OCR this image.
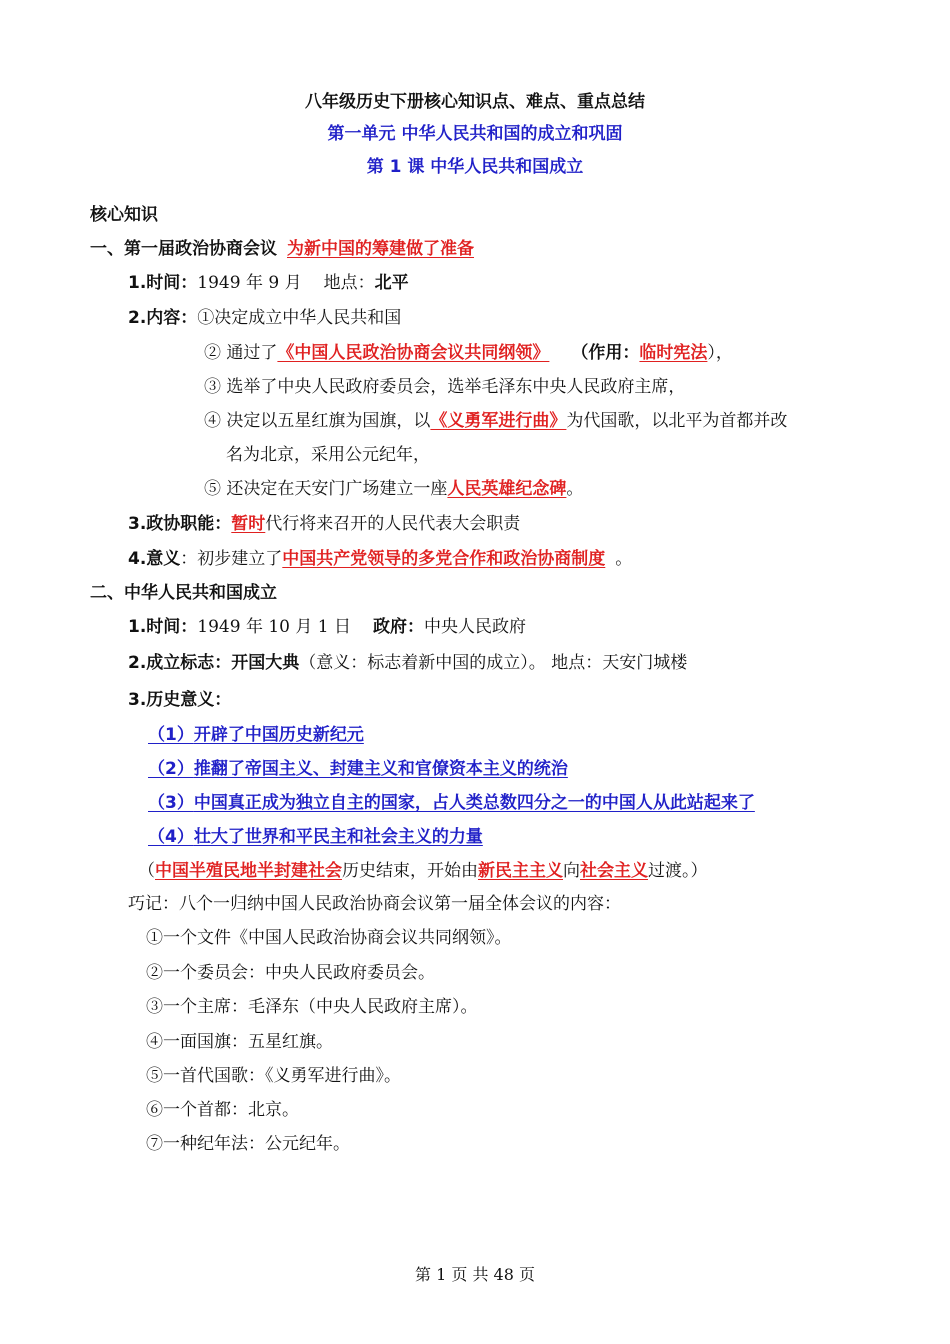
八年级历史下册核心知识点、难点、重点总结
第一单元 中华人民共和国的成立和巩固
第 1 课 中华人民共和国成立
核心知识
一、第一届政治协商会议 为新中国的筹建做了准备
1.时间：1949 年 9 月 地点：北平
2.内容：①决定成立中华人民共和国
② 通过了《中国人民政治协商会议共同纲领》 （作用：临时宪法），
③ 选举了中央人民政府委员会，选举毛泽东中央人民政府主席，
④ 决定以五星红旗为国旗，以《义勇军进行曲》为代国歌，以北平为首都并改
名为北京，采用公元纪年，
⑤ 还决定在天安门广场建立一座人民英雄纪念碑。
3.政协职能：暂时代行将来召开的人民代表大会职责
4.意义：初步建立了中国共产党领导的多党合作和政治协商制度 。
二、中华人民共和国成立
1.时间：1949 年 10 月 1 日 政府：中央人民政府
2.成立标志：开国大典（意义：标志着新中国的成立）。 地点：天安门城楼
3.历史意义：
（1）开辟了中国历史新纪元
（2）推翻了帝国主义、封建主义和官僚资本主义的统治
（3）中国真正成为独立自主的国家，占人类总数四分之一的中国人从此站起来了
（4）壮大了世界和平民主和社会主义的力量
（中国半殖民地半封建社会历史结束，开始由新民主主义向社会主义过渡。）
巧记：八个一归纳中国人民政治协商会议第一届全体会议的内容：
①一个文件《中国人民政治协商会议共同纲领》。
②一个委员会：中央人民政府委员会。
③一个主席：毛泽东（中央人民政府主席）。
④一面国旗：五星红旗。
⑤一首代国歌：《义勇军进行曲》。
⑥一个首都：北京。
⑦一种纪年法：公元纪年。
第 1 页 共 48 页
